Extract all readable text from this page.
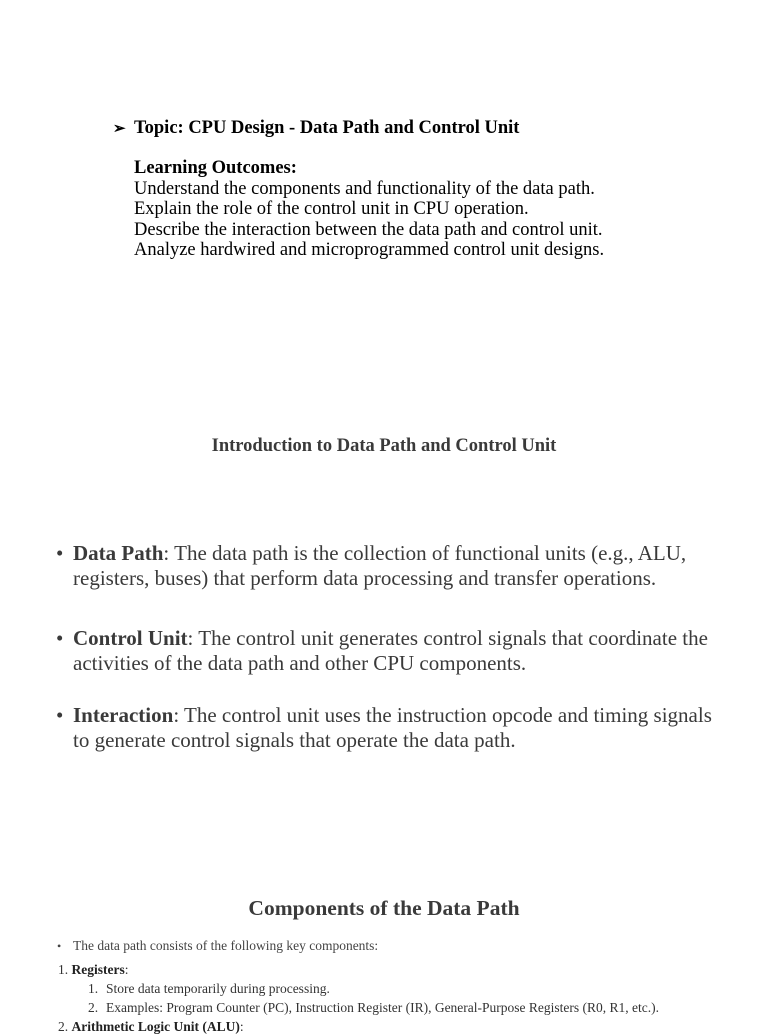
➢ Topic: CPU Design - Data Path and Control Unit
Learning Outcomes:
Understand the components and functionality of the data path.
Explain the role of the control unit in CPU operation.
Describe the interaction between the data path and control unit.
Analyze hardwired and microprogrammed control unit designs.
Introduction to Data Path and Control Unit
• Data Path: The data path is the collection of functional units (e.g., ALU, registers, buses) that perform data processing and transfer operations.
• Control Unit: The control unit generates control signals that coordinate the activities of the data path and other CPU components.
• Interaction: The control unit uses the instruction opcode and timing signals to generate control signals that operate the data path.
Components of the Data Path
• The data path consists of the following key components:
1. Registers:
1. Store data temporarily during processing.
2. Examples: Program Counter (PC), Instruction Register (IR), General-Purpose Registers (R0, R1, etc.).
2. Arithmetic Logic Unit (ALU):
